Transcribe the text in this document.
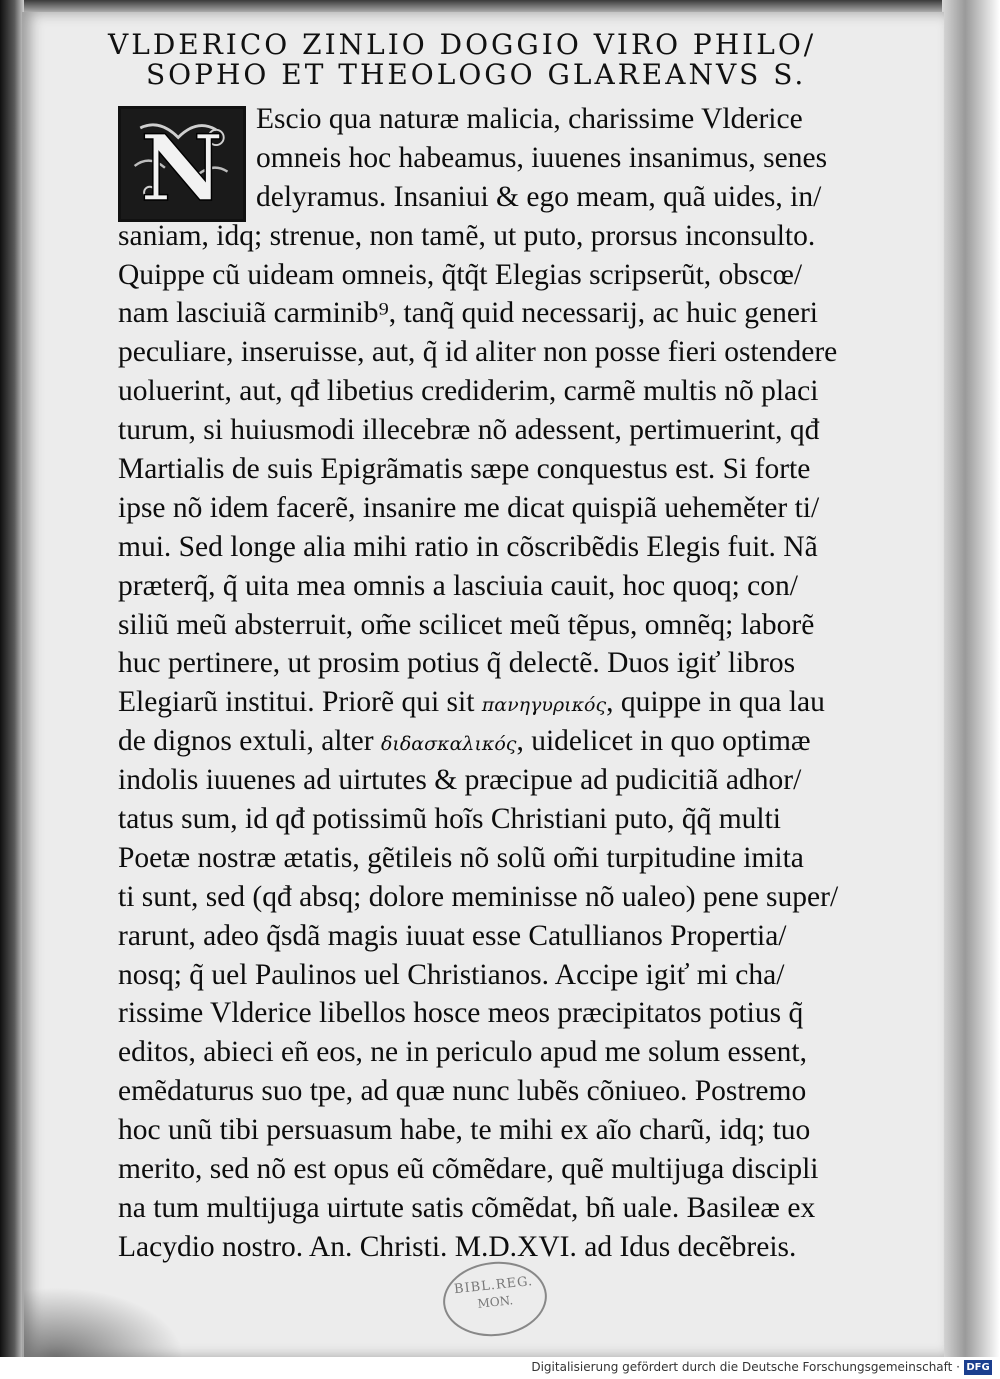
VLDERICO ZINLIO DOGGIO VIRO PHILO/
SOPHO ET THEOLOGO GLAREANVS S.
N	Escio qua naturæ malicia, charissime Vlderice
omneis hoc habeamus, iuuenes insanimus, senes
delyramus. Insaniui & ego meam, quã uides, in/
saniam, idq; strenue, non tamẽ, ut puto, prorsus inconsulto.
Quippe cũ uideam omneis, q̃tq̃t Elegias scripserũt, obscœ/
nam lasciuiã carminib⁹, tanq̃ quid necessarij, ac huic generi
peculiare, inseruisse, aut, q̃ id aliter non posse fieri ostendere
uoluerint, aut, qđ libetius crediderim, carmẽ multis nõ placi
turum, si huiusmodi illecebræ nõ adessent, pertimuerint, qđ
Martialis de suis Epigrãmatis sæpe conquestus est. Si forte
ipse nõ idem facerẽ, insanire me dicat quispiã ueheměter ti/
mui. Sed longe alia mihi ratio in cõscribẽdis Elegis fuit. Nã
præterq̃, q̃ uita mea omnis a lasciuia cauit, hoc quoq; con/
siliũ meũ absterruit, om̃e scilicet meũ tẽpus, omnẽq; laborẽ
huc pertinere, ut prosim potius q̃ delectẽ. Duos igiť libros
Elegiarũ institui. Priorẽ qui sit πανηγυρικός, quippe in qua lau
de dignos extuli, alter διδασκαλικός, uidelicet in quo optimæ
indolis iuuenes ad uirtutes & præcipue ad pudicitiã adhor/
tatus sum, id qđ potissimũ hoĩs Christiani puto, q̃q̃ multi
Poetæ nostræ ætatis, gẽtileis nõ solũ om̃i turpitudine imita
ti sunt, sed (qđ absq; dolore meminisse nõ ualeo) pene super/
rarunt, adeo q̃sdã magis iuuat esse Catullianos Propertia/
nosq; q̃ uel Paulinos uel Christianos. Accipe igiť mi cha/
rissime Vlderice libellos hosce meos præcipitatos potius q̃
editos, abieci eñ eos, ne in periculo apud me solum essent,
emẽdaturus suo tpe, ad quæ nunc lubẽs cõniueo. Postremo
hoc unũ tibi persuasum habe, te mihi ex aĩo charũ, idq; tuo
merito, sed nõ est opus eũ cõmẽdare, quẽ multijuga discipli
na tum multijuga uirtute satis cõmẽdat, bñ uale. Basileæ ex
Lacydio nostro. An. Christi. M.D.XVI. ad Idus decẽbreis.
BIBL.REG.
MON.
Digitalisierung gefördert durch die Deutsche Forschungsgemeinschaft · DFG
